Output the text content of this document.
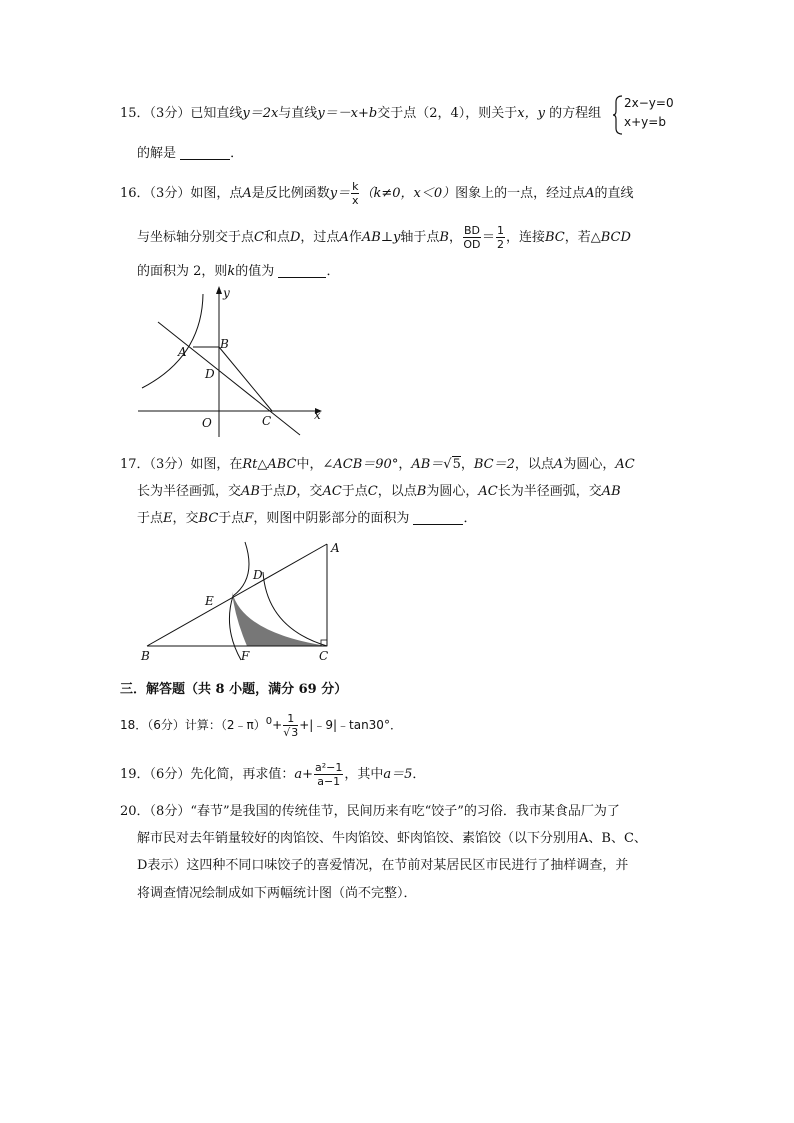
15．（3分）已知直线y＝2x与直线y＝－x+b交于点（2，4），则关于x，y 的方程组
2x−y=0
x+y=b
的解是	．
16．（3分）如图，点A是反比例函数$y= \frac{k}{x} (k\ne 0$，x＜0）图象上的一点，经过点A的直线
与坐标轴分别交于点C和点D，过点A作AB⊥y轴于点B， $\frac{BD}{OD} = \frac{1}{2}$ ，连接BC，若△BCD
的面积为 2，则k的值为	．
y
B
A
D
O	C	x
17．（3分）如图，在Rt△ABC中，∠ACB＝90°，AB＝√5，BC＝2，以点A为圆心，AC
长为半径画弧，交AB于点D，交AC于点C，以点B为圆心，AC长为半径画弧，交AB
于点E，交BC于点F，则图中阴影部分的面积为	．
A
D
E
B	F	C
三．解答题（共 8 小题，满分 69 分）
18．（6分）计算：（2﹣π）$^0$+ $\frac{1}{√3}$ +|﹣9|﹣tan30°．
19．（6分）先化简，再求值：$a+ \frac{\text{a²−1}}{a-1}$ ，其中a＝5．
20．（8分）“春节”是我国的传统佳节，民间历来有吃“饺子”的习俗．我市某食品厂为了
解市民对去年销量较好的肉馅饺、牛肉馅饺、虾肉馅饺、素馅饺（以下分别用A、B、C、
D表示）这四种不同口味饺子的喜爱情况，在节前对某居民区市民进行了抽样调查，并
将调查情况绘制成如下两幅统计图（尚不完整）．
